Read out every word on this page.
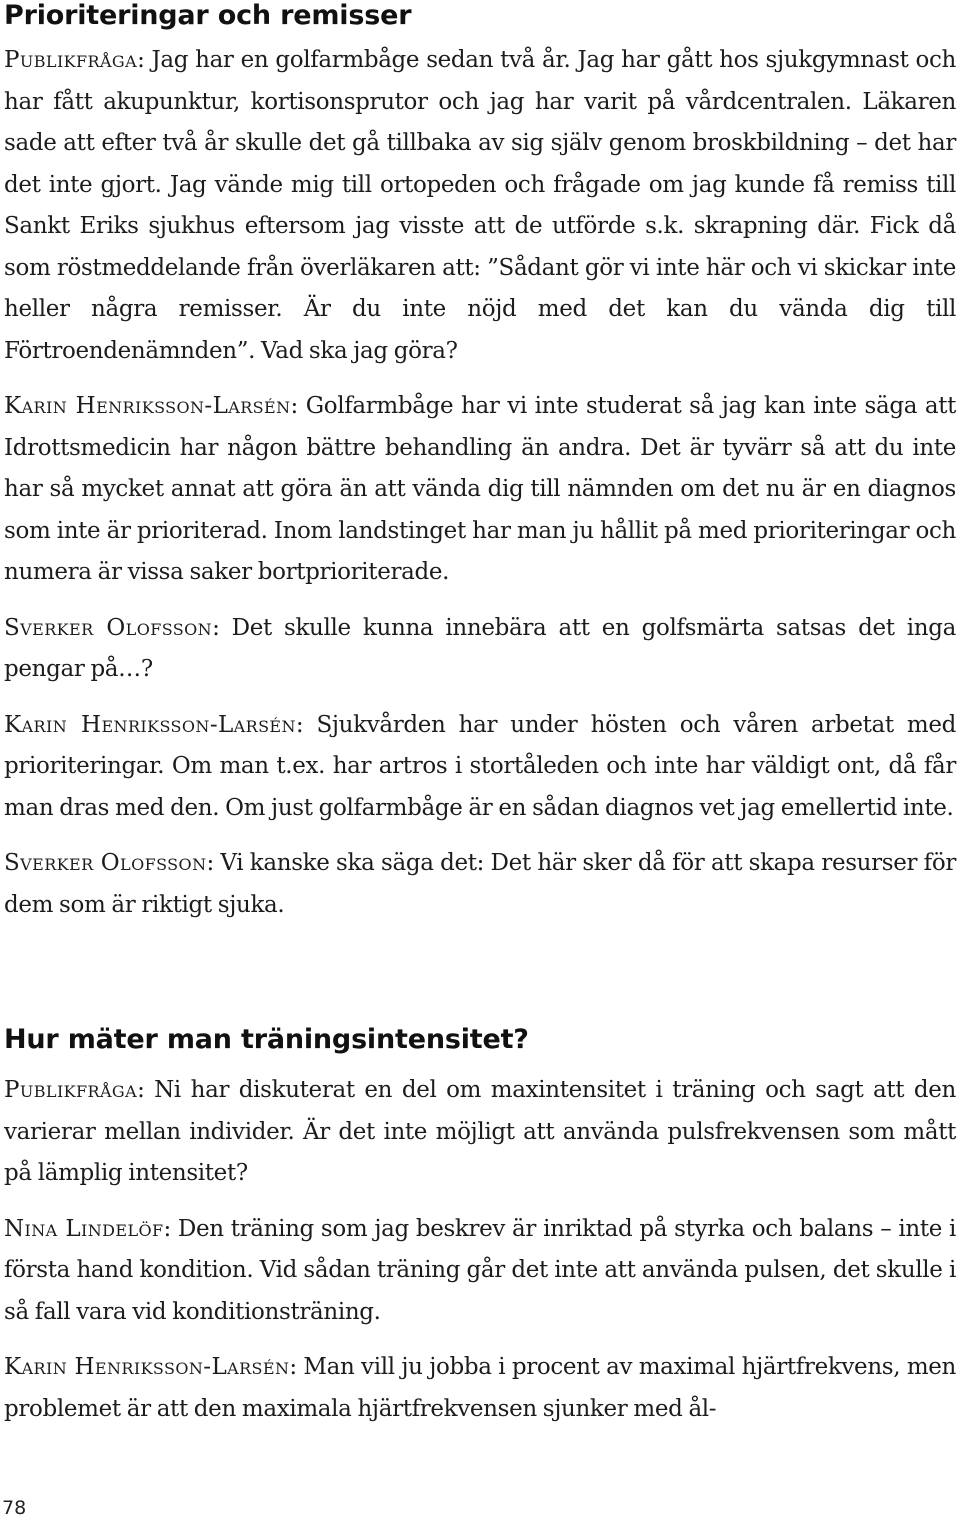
Prioriteringar och remisser

Publikfråga: Jag har en golfarmbåge sedan två år. Jag har gått hos sjukgymnast och har fått akupunktur, kortisonsprutor och jag har varit på vårdcentralen. Läkaren sade att efter två år skulle det gå tillbaka av sig själv genom broskbildning – det har det inte gjort. Jag vände mig till ortopeden och frågade om jag kunde få remiss till Sankt Eriks sjukhus eftersom jag visste att de utförde s.k. skrapning där. Fick då som röstmeddelande från överläkaren att: ”Sådant gör vi inte här och vi skickar inte heller några remisser. Är du inte nöjd med det kan du vända dig till Förtroendenämnden”. Vad ska jag göra?

Karin Henriksson-Larsén: Golfarmbåge har vi inte studerat så jag kan inte säga att Idrottsmedicin har någon bättre behandling än andra. Det är tyvärr så att du inte har så mycket annat att göra än att vända dig till nämnden om det nu är en diagnos som inte är prioriterad. Inom landstinget har man ju hållit på med prioriteringar och numera är vissa saker bortprioriterade.

Sverker Olofsson: Det skulle kunna innebära att en golfsmärta satsas det inga pengar på…?

Karin Henriksson-Larsén: Sjukvården har under hösten och våren arbetat med prioriteringar. Om man t.ex. har artros i stortåleden och inte har väldigt ont, då får man dras med den. Om just golfarmbåge är en sådan diagnos vet jag emellertid inte.

Sverker Olofsson: Vi kanske ska säga det: Det här sker då för att skapa resurser för dem som är riktigt sjuka.

Hur mäter man träningsintensitet?

Publikfråga: Ni har diskuterat en del om maxintensitet i träning och sagt att den varierar mellan individer. Är det inte möjligt att använda pulsfrekvensen som mått på lämplig intensitet?

Nina Lindelöf: Den träning som jag beskrev är inriktad på styrka och balans – inte i första hand kondition. Vid sådan träning går det inte att använda pulsen, det skulle i så fall vara vid konditionsträning.

Karin Henriksson-Larsén: Man vill ju jobba i procent av maximal hjärtfrekvens, men problemet är att den maximala hjärtfrekvensen sjunker med ål-

78
